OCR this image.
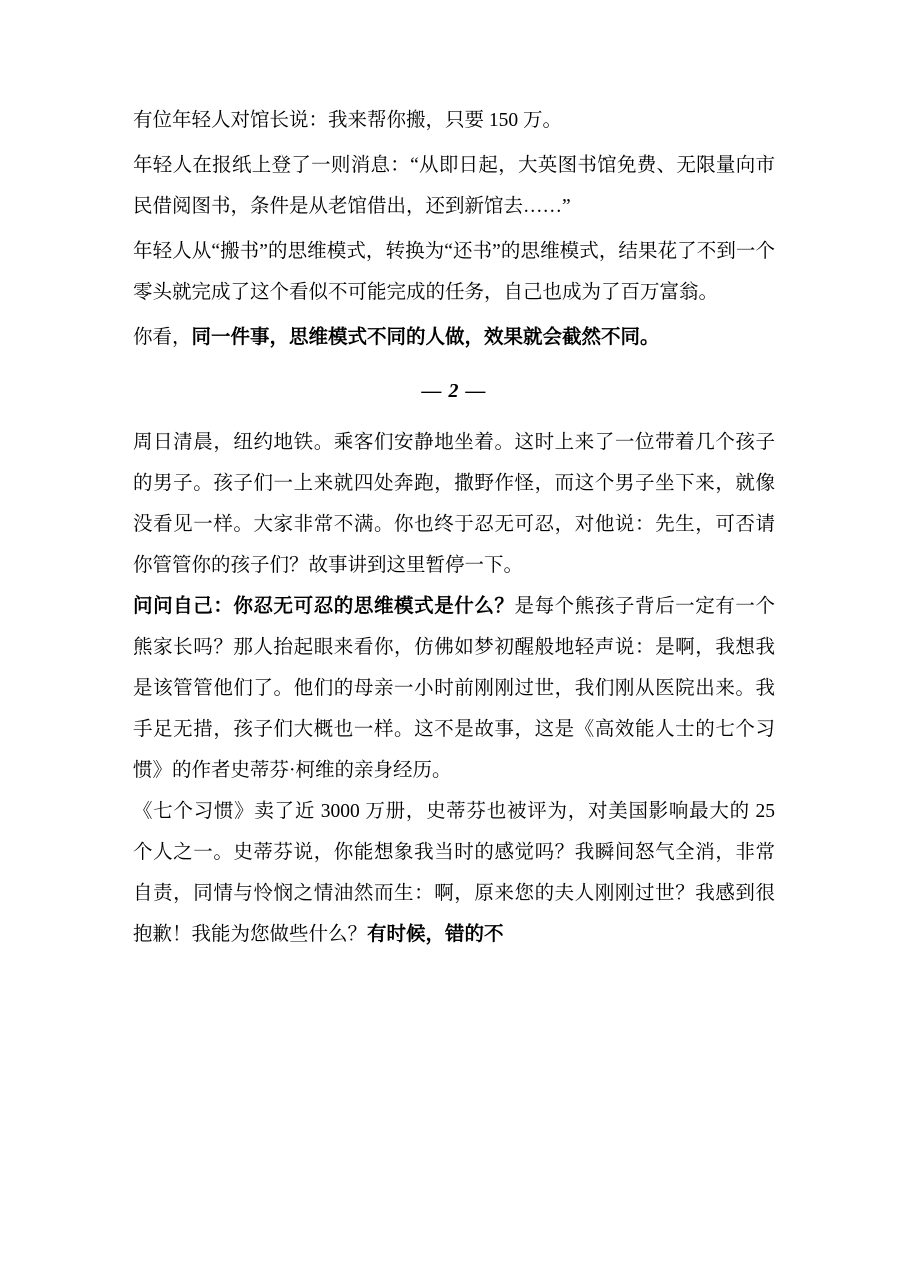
有位年轻人对馆长说：我来帮你搬，只要 150 万。

年轻人在报纸上登了一则消息：“从即日起，大英图书馆免费、无限量向市民借阅图书，条件是从老馆借出，还到新馆去……”

年轻人从“搬书”的思维模式，转换为“还书”的思维模式，结果花了不到一个零头就完成了这个看似不可能完成的任务，自己也成为了百万富翁。

你看，同一件事，思维模式不同的人做，效果就会截然不同。

— 2 —

周日清晨，纽约地铁。乘客们安静地坐着。这时上来了一位带着几个孩子的男子。孩子们一上来就四处奔跑，撒野作怪，而这个男子坐下来，就像没看见一样。大家非常不满。你也终于忍无可忍，对他说：先生，可否请你管管你的孩子们？故事讲到这里暂停一下。

问问自己：你忍无可忍的思维模式是什么？是每个熊孩子背后一定有一个熊家长吗？那人抬起眼来看你，仿佛如梦初醒般地轻声说：是啊，我想我是该管管他们了。他们的母亲一小时前刚刚过世，我们刚从医院出来。我手足无措，孩子们大概也一样。这不是故事，这是《高效能人士的七个习惯》的作者史蒂芬·柯维的亲身经历。

《七个习惯》卖了近 3000 万册，史蒂芬也被评为，对美国影响最大的 25 个人之一。史蒂芬说，你能想象我当时的感觉吗？我瞬间怒气全消，非常自责，同情与怜悯之情油然而生：啊，原来您的夫人刚刚过世？我感到很抱歉！我能为您做些什么？有时候，错的不
